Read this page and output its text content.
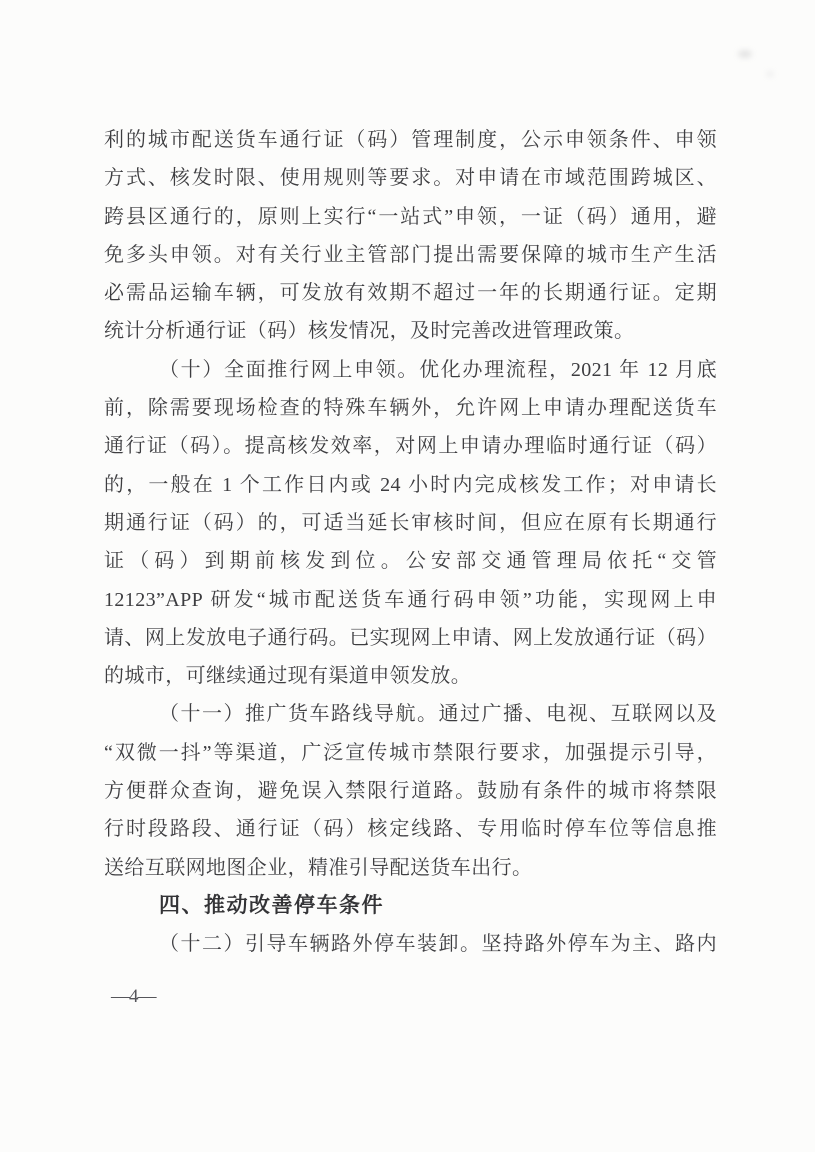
利的城市配送货车通行证（码）管理制度，公示申领条件、申领
方式、核发时限、使用规则等要求。对申请在市域范围跨城区、
跨县区通行的，原则上实行“一站式”申领，一证（码）通用，避
免多头申领。对有关行业主管部门提出需要保障的城市生产生活
必需品运输车辆，可发放有效期不超过一年的长期通行证。定期
统计分析通行证（码）核发情况，及时完善改进管理政策。
（十）全面推行网上申领。优化办理流程，2021 年 12 月底
前，除需要现场检查的特殊车辆外，允许网上申请办理配送货车
通行证（码）。提高核发效率，对网上申请办理临时通行证（码）
的，一般在 1 个工作日内或 24 小时内完成核发工作；对申请长
期通行证（码）的，可适当延长审核时间，但应在原有长期通行
证（码）到期前核发到位。公安部交通管理局依托“交管
12123”APP 研发“城市配送货车通行码申领”功能，实现网上申
请、网上发放电子通行码。已实现网上申请、网上发放通行证（码）
的城市，可继续通过现有渠道申领发放。
（十一）推广货车路线导航。通过广播、电视、互联网以及
“双微一抖”等渠道，广泛宣传城市禁限行要求，加强提示引导，
方便群众查询，避免误入禁限行道路。鼓励有条件的城市将禁限
行时段路段、通行证（码）核定线路、专用临时停车位等信息推
送给互联网地图企业，精准引导配送货车出行。
四、推动改善停车条件
（十二）引导车辆路外停车装卸。坚持路外停车为主、路内
—4—
